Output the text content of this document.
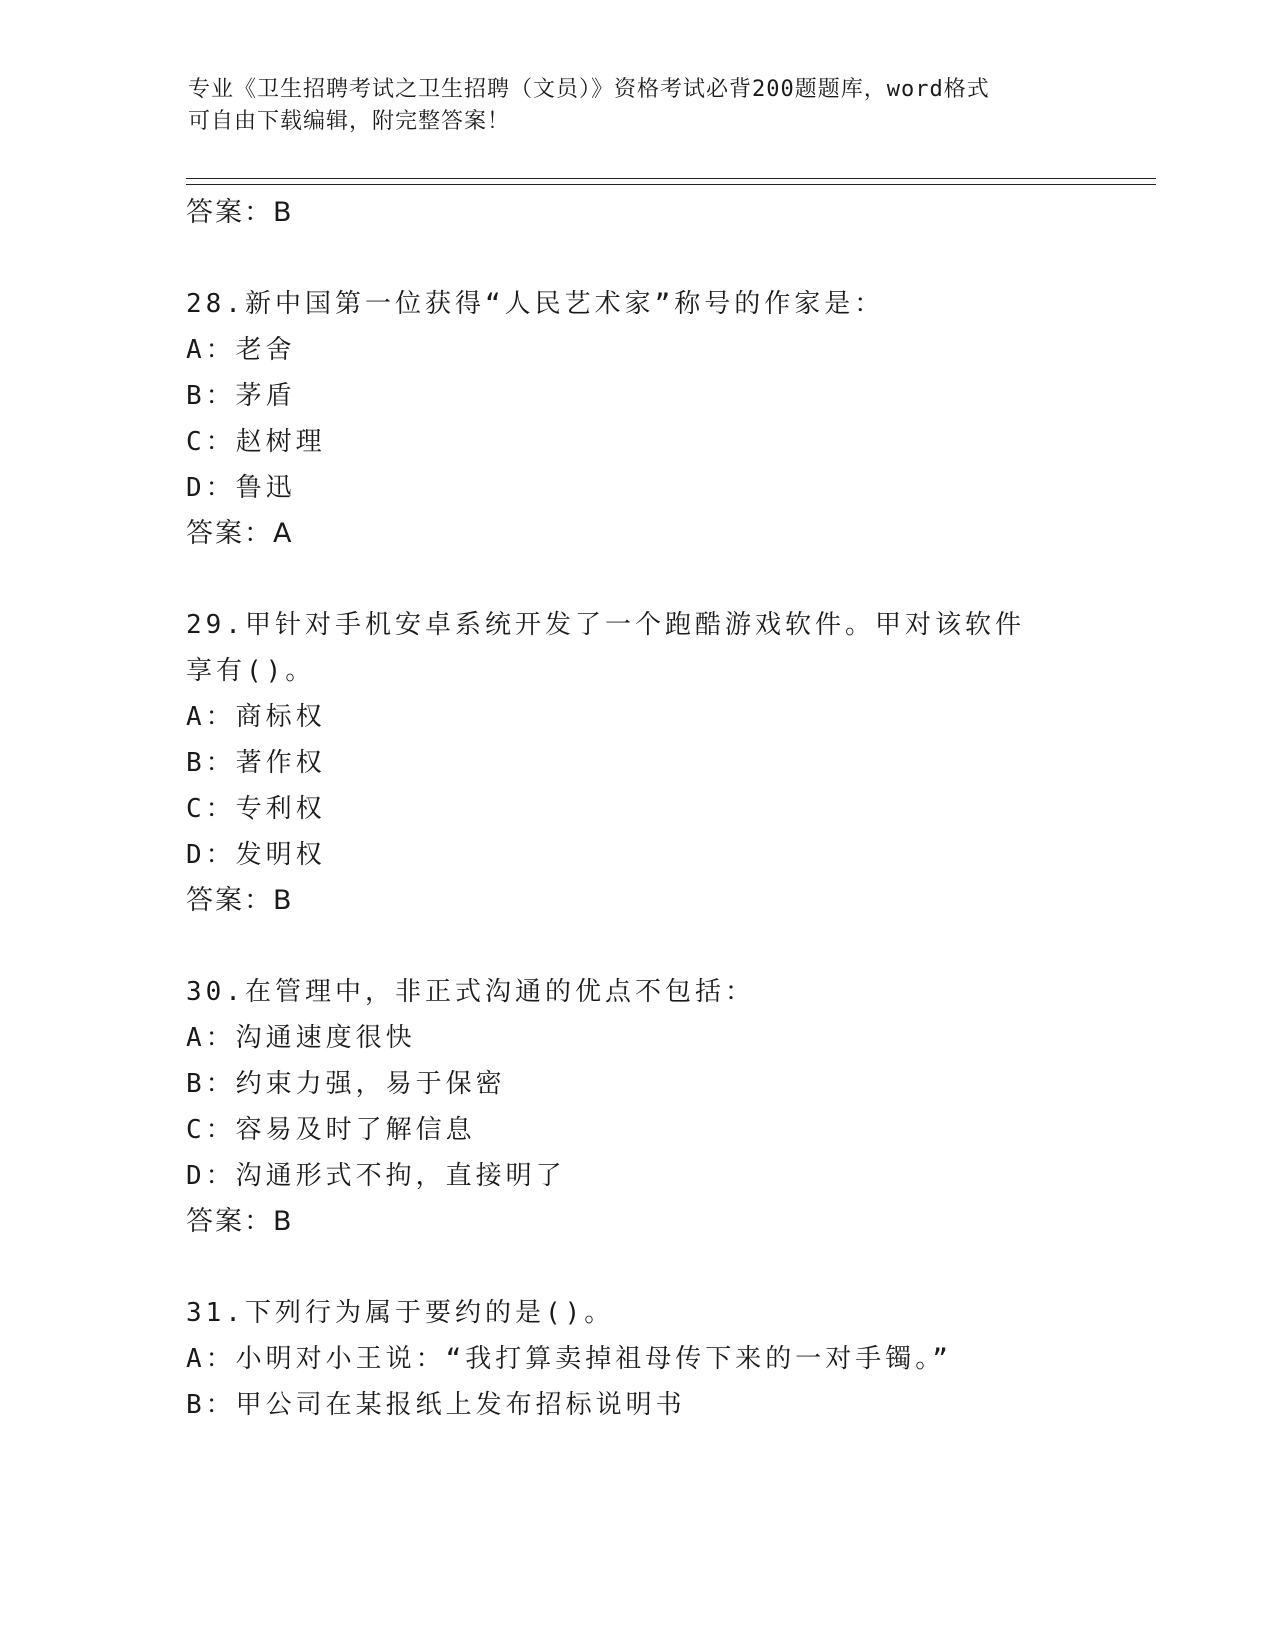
专业《卫生招聘考试之卫生招聘（文员）》资格考试必背200题题库，word格式
可自由下载编辑，附完整答案！
答案：B
28.新中国第一位获得“人民艺术家”称号的作家是：
A：老舍
B：茅盾
C：赵树理
D：鲁迅
答案：A
29.甲针对手机安卓系统开发了一个跑酷游戏软件。甲对该软件享有()。
A：商标权
B：著作权
C：专利权
D：发明权
答案：B
30.在管理中，非正式沟通的优点不包括：
A：沟通速度很快
B：约束力强，易于保密
C：容易及时了解信息
D：沟通形式不拘，直接明了
答案：B
31.下列行为属于要约的是()。
A：小明对小王说：“我打算卖掉祖母传下来的一对手镯。”
B：甲公司在某报纸上发布招标说明书
